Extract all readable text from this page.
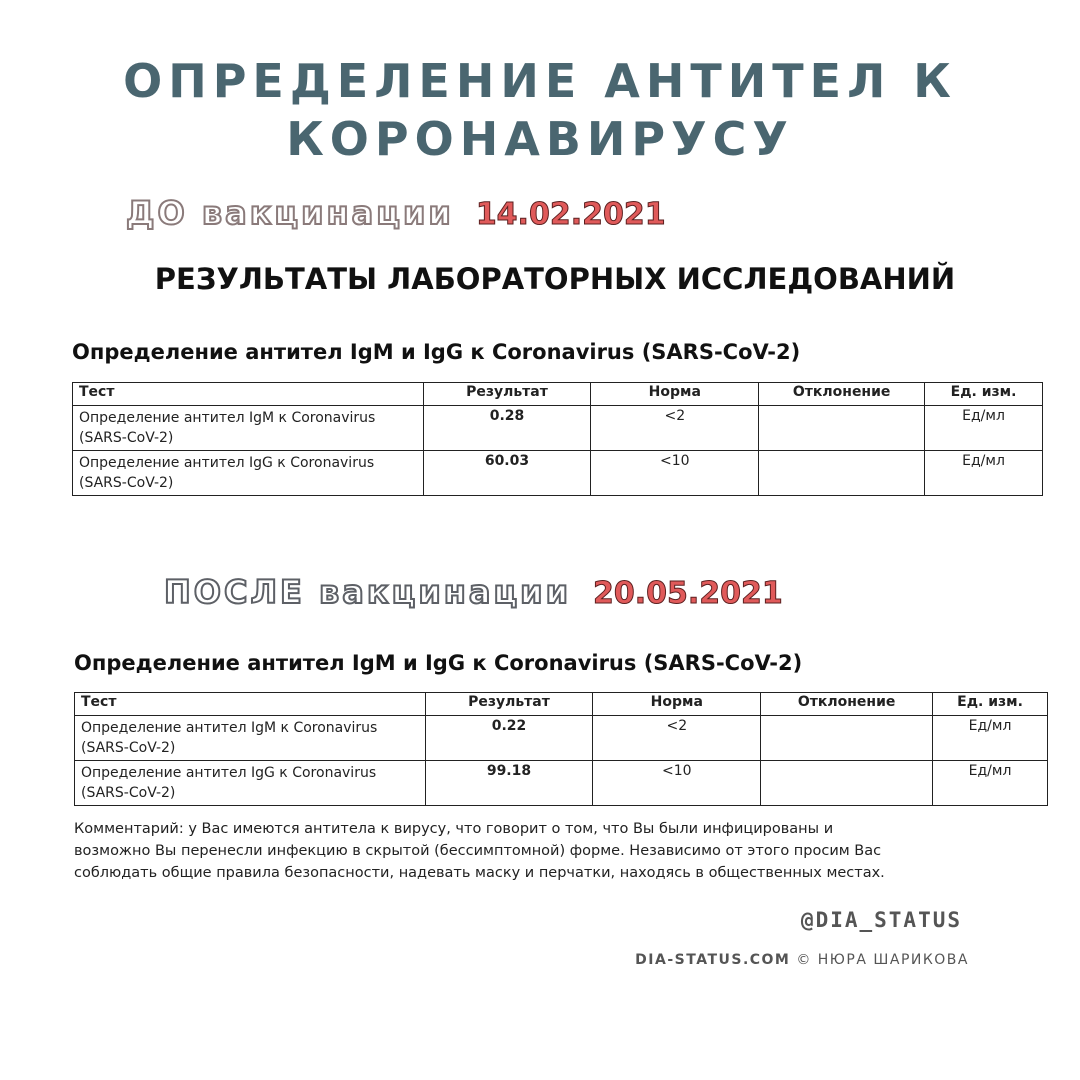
ОПРЕДЕЛЕНИЕ АНТИТЕЛ К
КОРОНАВИРУСУ
ДО вакцинации 14.02.2021
РЕЗУЛЬТАТЫ ЛАБОРАТОРНЫХ ИССЛЕДОВАНИЙ
Определение антител IgM и IgG к Coronavirus (SARS-CoV-2)
Тест	Результат	Норма	Отклонение	Ед. изм.
Определение антител IgM к Coronavirus
(SARS-CoV-2)	0.28	<2		Ед/мл
Определение антител IgG к Coronavirus
(SARS-CoV-2)	60.03	<10		Ед/мл
ПОСЛЕ вакцинации 20.05.2021
Определение антител IgM и IgG к Coronavirus (SARS-CoV-2)
Тест	Результат	Норма	Отклонение	Ед. изм.
Определение антител IgM к Coronavirus
(SARS-CoV-2)	0.22	<2		Ед/мл
Определение антител IgG к Coronavirus
(SARS-CoV-2)	99.18	<10		Ед/мл
Комментарий: у Вас имеются антитела к вирусу, что говорит о том, что Вы были инфицированы и
возможно Вы перенесли инфекцию в скрытой (бессимптомной) форме. Независимо от этого просим Вас
соблюдать общие правила безопасности, надевать маску и перчатки, находясь в общественных местах.
@DIA_STATUS
DIA-STATUS.COM © НЮРА ШАРИКОВА
